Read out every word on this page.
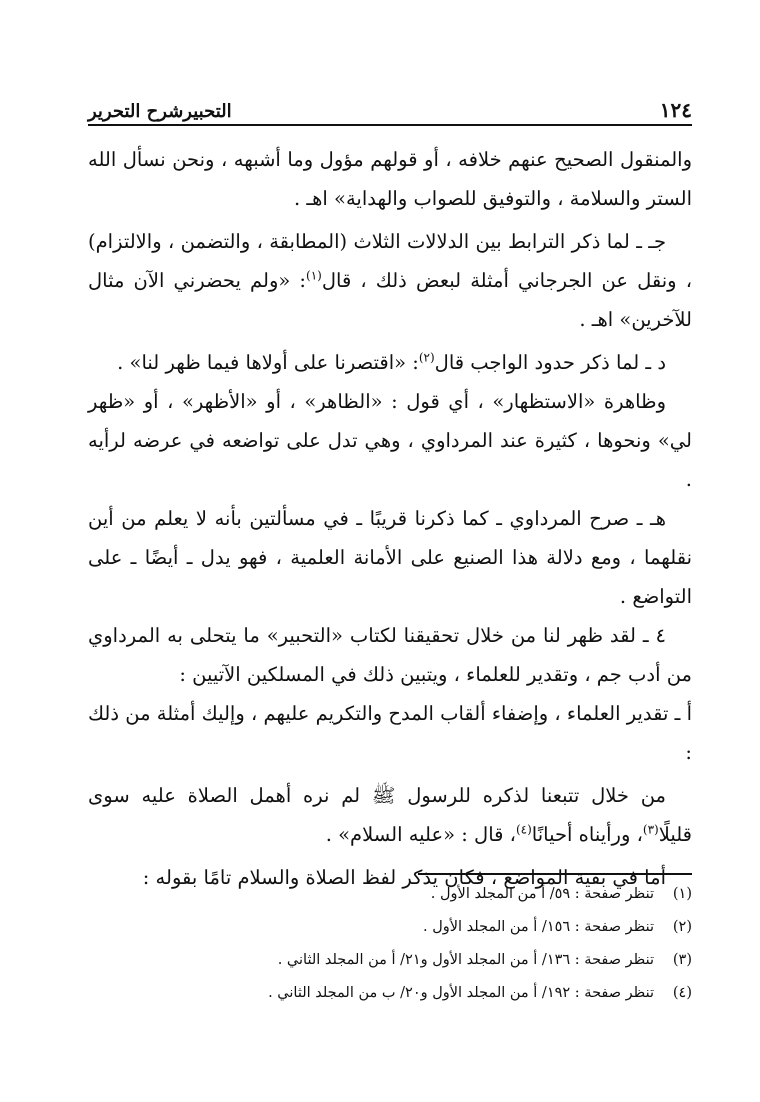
١٢٤
التحبيرشرح التحرير

والمنقول الصحيح عنهم خلافه ، أو قولهم مؤول وما أشبهه ، ونحن نسأل الله الستر والسلامة ، والتوفيق للصواب والهداية» اهـ .

جـ ـ لما ذكر الترابط بين الدلالات الثلاث (المطابقة ، والتضمن ، والالتزام) ، ونقل عن الجرجاني أمثلة لبعض ذلك ، قال$^{(١)}$: «ولم يحضرني الآن مثال للآخرين» اهـ .

د ـ لما ذكر حدود الواجب قال$^{(٢)}$: «اقتصرنا على أولاها فيما ظهر لنا» .

وظاهرة «الاستظهار» ، أي قول : «الظاهر» ، أو «الأظهر» ، أو «ظهر لي» ونحوها ، كثيرة عند المرداوي ، وهي تدل على تواضعه في عرضه لرأيه .

هـ ـ صرح المرداوي ـ كما ذكرنا قريبًا ـ في مسألتين بأنه لا يعلم من أين نقلهما ، ومع دلالة هذا الصنيع على الأمانة العلمية ، فهو يدل ـ أيضًا ـ على التواضع .

٤ ـ لقد ظهر لنا من خلال تحقيقنا لكتاب «التحبير» ما يتحلى به المرداوي من أدب جم ، وتقدير للعلماء ، ويتبين ذلك في المسلكين الآتيين :

أ ـ تقدير العلماء ، وإضفاء ألقاب المدح والتكريم عليهم ، وإليك أمثلة من ذلك :

من خلال تتبعنا لذكره للرسول ﷺ لم نره أهمل الصلاة عليه سوى قليلًا$^{(٣)}$، ورأيناه أحيانًا$^{(٤)}$، قال : «عليه السلام» .

أما في بقية المواضع ، فكان يذكر لفظ الصلاة والسلام تامًا بقوله :

(١)
تنظر صفحة : ٥٩/ أ من المجلد الأول .
(٢)
تنظر صفحة : ١٥٦/ أ من المجلد الأول .
(٣)
تنظر صفحة : ١٣٦/ أ من المجلد الأول و٢١/ أ من المجلد الثاني .
(٤)
تنظر صفحة : ١٩٢/ أ من المجلد الأول و٢٠/ ب من المجلد الثاني .
